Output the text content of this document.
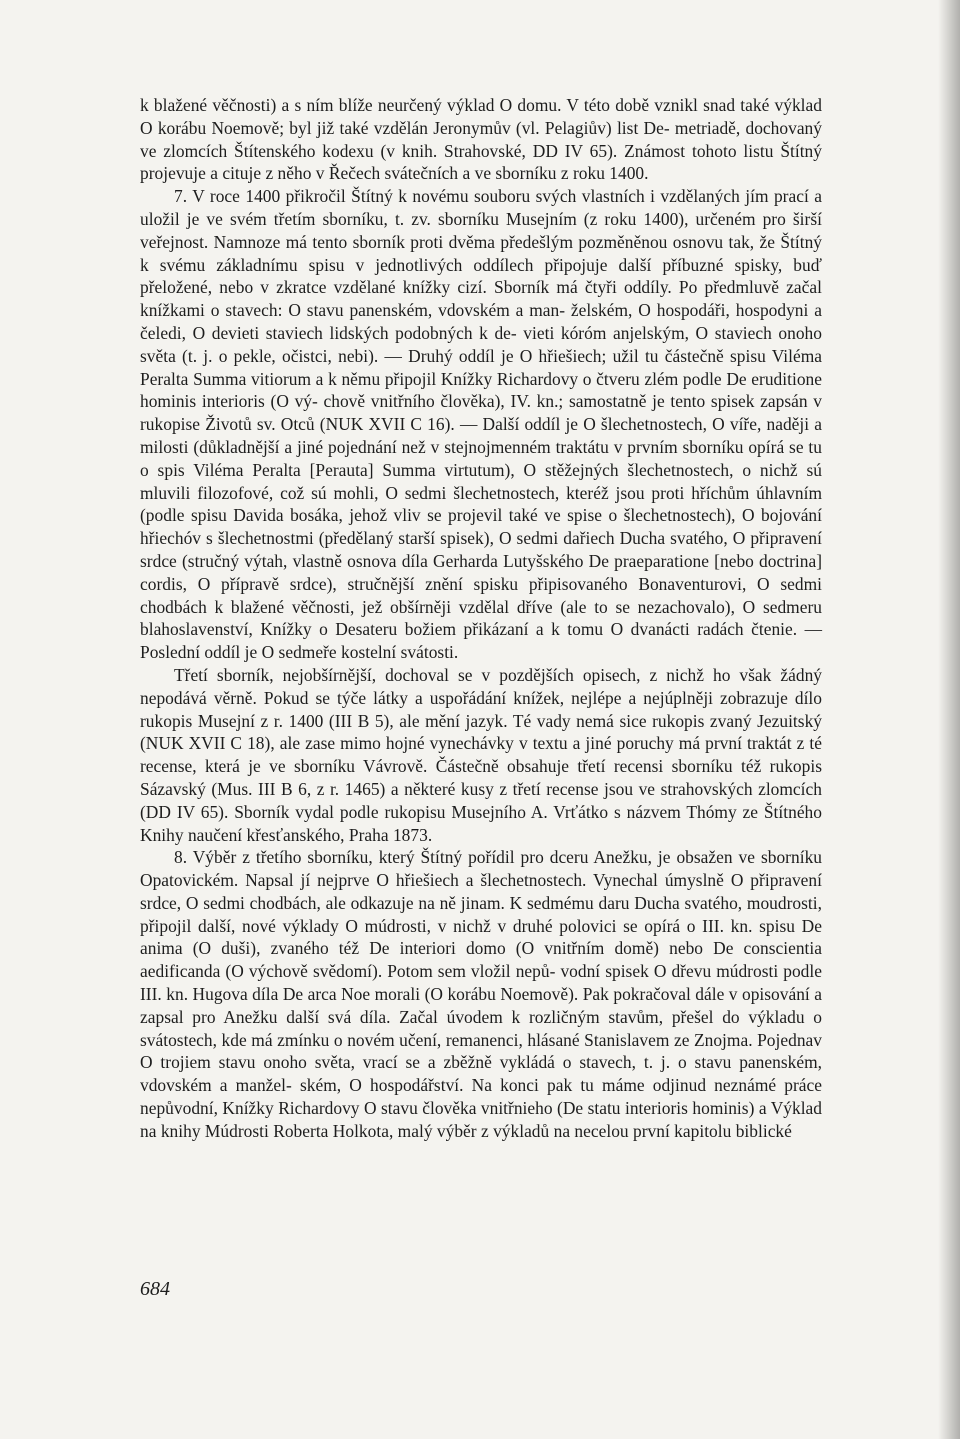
k blažené věčnosti) a s ním blíže neurčený výklad O domu. V této době vznikl snad také výklad O korábu Noemově; byl již také vzdělán Jeronymův (vl. Pelagiův) list De- metriadě, dochovaný ve zlomcích Štítenského kodexu (v knih. Strahovské, DD IV 65). Známost tohoto listu Štítný projevuje a cituje z něho v Řečech svátečních a ve sborníku z roku 1400.

7. V roce 1400 přikročil Štítný k novému souboru svých vlastních i vzdělaných jím prací a uložil je ve svém třetím sborníku, t. zv. sborníku Musejním (z roku 1400), určeném pro širší veřejnost. Namnoze má tento sborník proti dvěma předešlým pozměněnou osnovu tak, že Štítný k svému základnímu spisu v jednotlivých oddílech připojuje další příbuzné spisky, buď přeložené, nebo v zkratce vzdělané knížky cizí. Sborník má čtyři oddíly. Po předmluvě začal knížkami o stavech: O stavu panenském, vdovském a man- želském, O hospodáři, hospodyni a čeledi, O devieti staviech lidských podobných k de- vieti kóróm anjelským, O staviech onoho světa (t. j. o pekle, očistci, nebi). — Druhý oddíl je O hřiešiech; užil tu částečně spisu Viléma Peralta Summa vitiorum a k němu připojil Knížky Richardovy o čtveru zlém podle De eruditione hominis interioris (O vý- chově vnitřního člověka), IV. kn.; samostatně je tento spisek zapsán v rukopise Životů sv. Otců (NUK XVII C 16). — Další oddíl je O šlechetnostech, O víře, naději a milosti (důkladnější a jiné pojednání než v stejnojmenném traktátu v prvním sborníku opírá se tu o spis Viléma Peralta [Perauta] Summa virtutum), O stěžejných šlechetnostech, o nichž sú mluvili filozofové, což sú mohli, O sedmi šlechetnostech, kteréž jsou proti hříchům úhlavním (podle spisu Davida bosáka, jehož vliv se projevil také ve spise o šlechetnostech), O bojování hřiechóv s šlechetnostmi (předělaný starší spisek), O sedmi dařiech Ducha svatého, O připravení srdce (stručný výtah, vlastně osnova díla Gerharda Lutyšského De praeparatione [nebo doctrina] cordis, O přípravě srdce), stručnější znění spisku připisovaného Bonaventurovi, O sedmi chodbách k blažené věčnosti, jež obšírněji vzdělal dříve (ale to se nezachovalo), O sedmeru blahoslavenství, Knížky o Desateru božiem přikázaní a k tomu O dvanácti radách čtenie. — Poslední oddíl je O sedmeře kostelní svátosti.

Třetí sborník, nejobšírnější, dochoval se v pozdějších opisech, z nichž ho však žádný nepodává věrně. Pokud se týče látky a uspořádání knížek, nejlépe a nejúplněji zobrazuje dílo rukopis Musejní z r. 1400 (III B 5), ale mění jazyk. Té vady nemá sice rukopis zvaný Jezuitský (NUK XVII C 18), ale zase mimo hojné vynechávky v textu a jiné poruchy má první traktát z té recense, která je ve sborníku Vávrově. Částečně obsahuje třetí recensi sborníku též rukopis Sázavský (Mus. III B 6, z r. 1465) a některé kusy z třetí recense jsou ve strahovských zlomcích (DD IV 65). Sborník vydal podle rukopisu Musejního A. Vrťátko s názvem Thómy ze Štítného Knihy naučení křesťanského, Praha 1873.

8. Výběr z třetího sborníku, který Štítný pořídil pro dceru Anežku, je obsažen ve sborníku Opatovickém. Napsal jí nejprve O hřiešiech a šlechetnostech. Vynechal úmyslně O připravení srdce, O sedmi chodbách, ale odkazuje na ně jinam. K sedmému daru Ducha svatého, moudrosti, připojil další, nové výklady O múdrosti, v nichž v druhé polovici se opírá o III. kn. spisu De anima (O duši), zvaného též De interiori domo (O vnitřním domě) nebo De conscientia aedificanda (O výchově svědomí). Potom sem vložil nepů- vodní spisek O dřevu múdrosti podle III. kn. Hugova díla De arca Noe morali (O korábu Noemově). Pak pokračoval dále v opisování a zapsal pro Anežku další svá díla. Začal úvodem k rozličným stavům, přešel do výkladu o svátostech, kde má zmínku o novém učení, remanenci, hlásané Stanislavem ze Znojma. Pojednav O trojiem stavu onoho světa, vrací se a zběžně vykládá o stavech, t. j. o stavu panenském, vdovském a manžel- ském, O hospodářství. Na konci pak tu máme odjinud neznámé práce nepůvodní, Knížky Richardovy O stavu člověka vnitřnieho (De statu interioris hominis) a Výklad na knihy Múdrosti Roberta Holkota, malý výběr z výkladů na necelou první kapitolu biblické

684
